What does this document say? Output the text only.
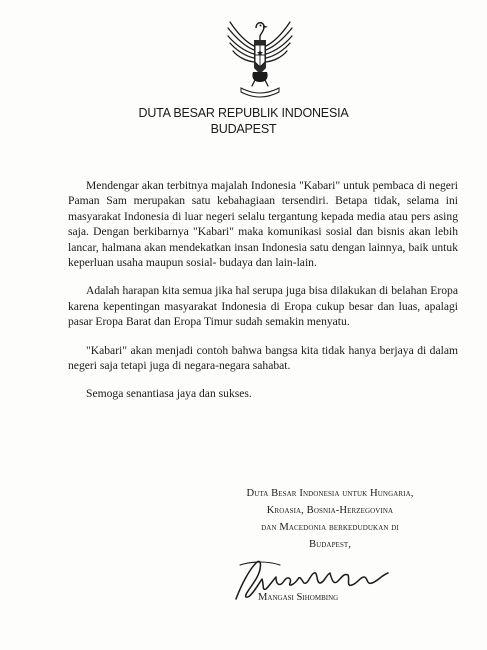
DUTA BESAR REPUBLIK INDONESIA
BUDAPEST

Mendengar akan terbitnya majalah Indonesia "Kabari" untuk pembaca di negeri Paman Sam merupakan satu kebahagiaan tersendiri. Betapa tidak, selama ini masyarakat Indonesia di luar negeri selalu tergantung kepada media atau pers asing saja. Dengan berkibarnya "Kabari" maka komunikasi sosial dan bisnis akan lebih lancar, halmana akan mendekatkan insan Indonesia satu dengan lainnya, baik untuk keperluan usaha maupun sosial- budaya dan lain-lain.

Adalah harapan kita semua jika hal serupa juga bisa dilakukan di belahan Eropa karena kepentingan masyarakat Indonesia di Eropa cukup besar dan luas, apalagi pasar Eropa Barat dan Eropa Timur sudah semakin menyatu.

"Kabari" akan menjadi contoh bahwa bangsa kita tidak hanya berjaya di dalam negeri saja tetapi juga di negara-negara sahabat.

Semoga senantiasa jaya dan sukses.

Duta Besar Indonesia untuk Hungaria,
Kroasia, Bosnia-Herzegovina
dan Macedonia berkedudukan di
Budapest,
Mangasi Sihombing
